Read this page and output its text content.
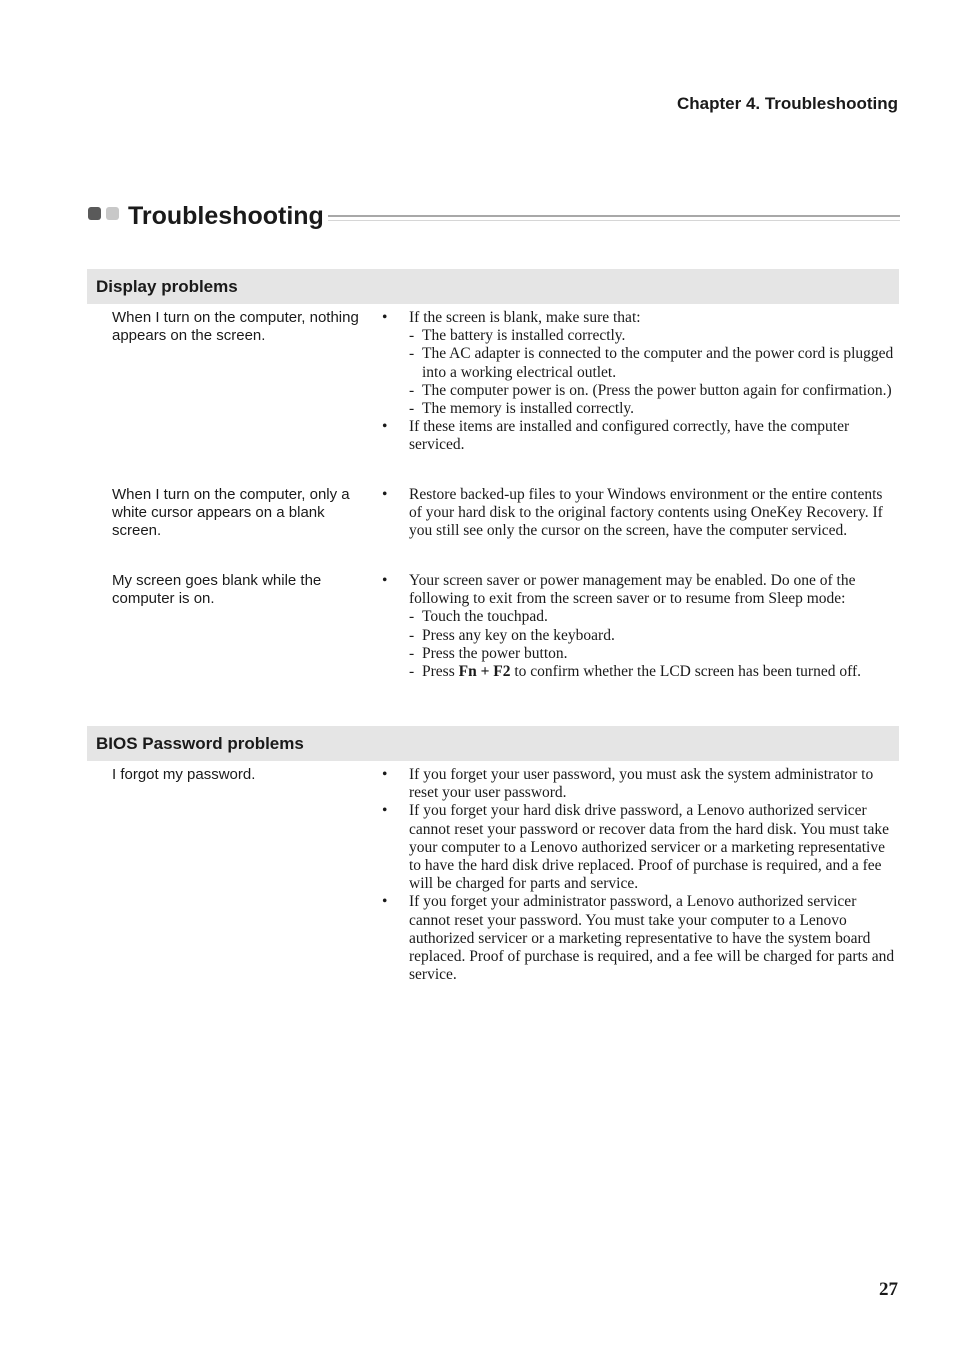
Chapter 4. Troubleshooting
Troubleshooting
Display problems
When I turn on the computer, nothing appears on the screen.
• If the screen is blank, make sure that:
- The battery is installed correctly.
- The AC adapter is connected to the computer and the power cord is plugged into a working electrical outlet.
- The computer power is on. (Press the power button again for confirmation.)
- The memory is installed correctly.
• If these items are installed and configured correctly, have the computer serviced.
When I turn on the computer, only a white cursor appears on a blank screen.
• Restore backed-up files to your Windows environment or the entire contents of your hard disk to the original factory contents using OneKey Recovery. If you still see only the cursor on the screen, have the computer serviced.
My screen goes blank while the computer is on.
• Your screen saver or power management may be enabled. Do one of the following to exit from the screen saver or to resume from Sleep mode:
- Touch the touchpad.
- Press any key on the keyboard.
- Press the power button.
- Press Fn + F2 to confirm whether the LCD screen has been turned off.
BIOS Password problems
I forgot my password.
•	If you forget your user password, you must ask the system administrator to reset your user password.
• If you forget your hard disk drive password, a Lenovo authorized servicer cannot reset your password or recover data from the hard disk. You must take your computer to a Lenovo authorized servicer or a marketing representative to have the hard disk drive replaced. Proof of purchase is required, and a fee will be charged for parts and service.
• If you forget your administrator password, a Lenovo authorized servicer cannot reset your password. You must take your computer to a Lenovo authorized servicer or a marketing representative to have the system board replaced. Proof of purchase is required, and a fee will be charged for parts and service.
27
